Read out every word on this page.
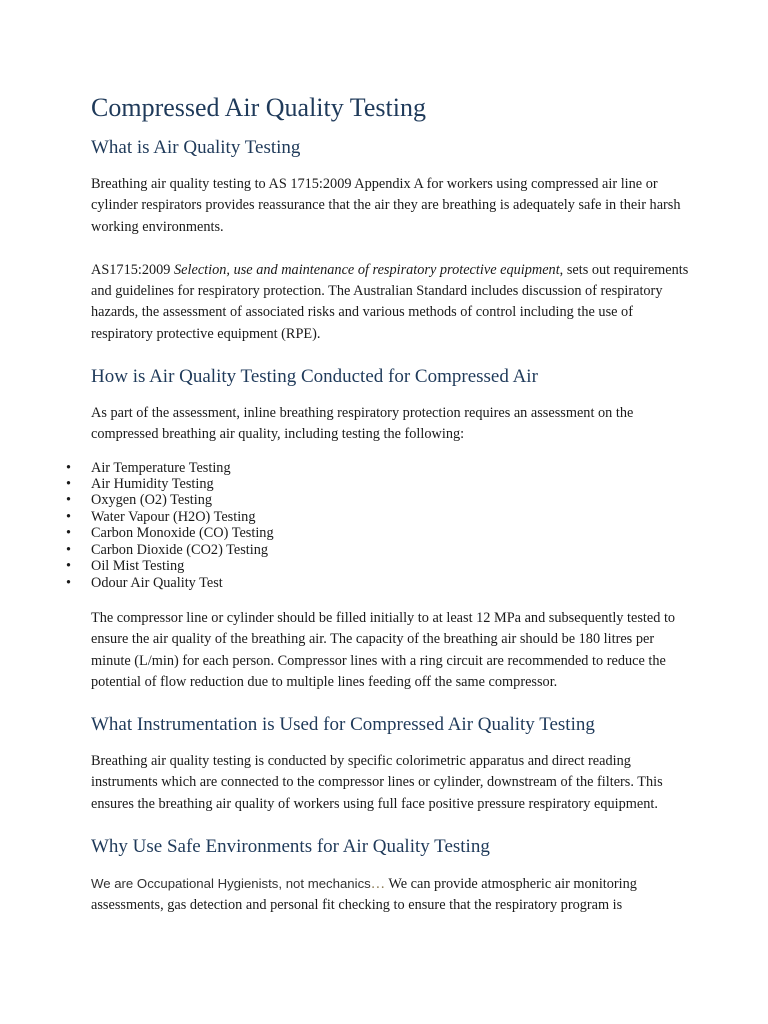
Compressed Air Quality Testing
What is Air Quality Testing

Breathing air quality testing to AS 1715:2009 Appendix A for workers using compressed air line or cylinder respirators provides reassurance that the air they are breathing is adequately safe in their harsh working environments.

AS1715:2009 Selection, use and maintenance of respiratory protective equipment, sets out requirements and guidelines for respiratory protection. The Australian Standard includes discussion of respiratory hazards, the assessment of associated risks and various methods of control including the use of respiratory protective equipment (RPE).

How is Air Quality Testing Conducted for Compressed Air

As part of the assessment, inline breathing respiratory protection requires an assessment on the compressed breathing air quality, including testing the following:

•	Air Temperature Testing
•	Air Humidity Testing
•	Oxygen (O2) Testing
•	Water Vapour (H2O) Testing
•	Carbon Monoxide (CO) Testing
•	Carbon Dioxide (CO2) Testing
•	Oil Mist Testing
•	Odour Air Quality Test

The compressor line or cylinder should be filled initially to at least 12 MPa and subsequently tested to ensure the air quality of the breathing air. The capacity of the breathing air should be 180 litres per minute (L/min) for each person. Compressor lines with a ring circuit are recommended to reduce the potential of flow reduction due to multiple lines feeding off the same compressor.

What Instrumentation is Used for Compressed Air Quality Testing

Breathing air quality testing is conducted by specific colorimetric apparatus and direct reading instruments which are connected to the compressor lines or cylinder, downstream of the filters. This ensures the breathing air quality of workers using full face positive pressure respiratory equipment.

Why Use Safe Environments for Air Quality Testing

We are Occupational Hygienists, not mechanics… We can provide atmospheric air monitoring assessments, gas detection and personal fit checking to ensure that the respiratory program is
